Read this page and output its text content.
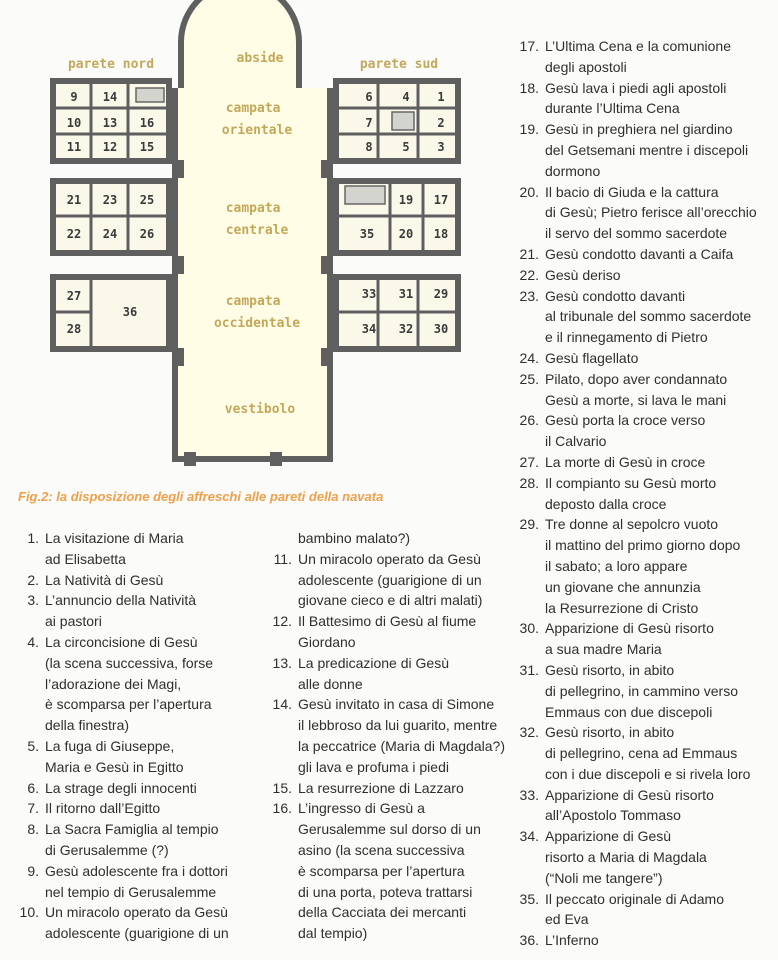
parete nord	parete sud
abside
campata orientale
campata centrale
campata occidentale
vestibolo
9 14
10 13 16
11 12 15
21 23 25
22 24 26
27
36
28
6 4 1
7	2
8 5 3
19 17
35 20 18
33 31 29
34 32 30
Fig.2: la disposizione degli affreschi alle pareti della navata
1. La visitazione di Maria
ad Elisabetta
2. La Natività di Gesù
3. L’annuncio della Natività
ai pastori
4. La circoncisione di Gesù
(la scena successiva, forse
l’adorazione dei Magi,
è scomparsa per l’apertura
della finestra)
5. La fuga di Giuseppe,
Maria e Gesù in Egitto
6. La strage degli innocenti
7. Il ritorno dall’Egitto
8. La Sacra Famiglia al tempio
di Gerusalemme (?)
9. Gesù adolescente fra i dottori
nel tempio di Gerusalemme
10. Un miracolo operato da Gesù
adolescente (guarigione di un
bambino malato?)
11. Un miracolo operato da Gesù
adolescente (guarigione di un
giovane cieco e di altri malati)
12. Il Battesimo di Gesù al fiume
Giordano
13. La predicazione di Gesù
alle donne
14. Gesù invitato in casa di Simone
il lebbroso da lui guarito, mentre
la peccatrice (Maria di Magdala?)
gli lava e profuma i piedi
15. La resurrezione di Lazzaro
16. L’ingresso di Gesù a
Gerusalemme sul dorso di un
asino (la scena successiva
è scomparsa per l’apertura
di una porta, poteva trattarsi
della Cacciata dei mercanti
dal tempio)
17. L’Ultima Cena e la comunione
degli apostoli
18. Gesù lava i piedi agli apostoli
durante l’Ultima Cena
19. Gesù in preghiera nel giardino
del Getsemani mentre i discepoli
dormono
20. Il bacio di Giuda e la cattura
di Gesù; Pietro ferisce all’orecchio
il servo del sommo sacerdote
21. Gesù condotto davanti a Caifa
22. Gesù deriso
23. Gesù condotto davanti
al tribunale del sommo sacerdote
e il rinnegamento di Pietro
24. Gesù flagellato
25. Pilato, dopo aver condannato
Gesù a morte, si lava le mani
26. Gesù porta la croce verso
il Calvario
27. La morte di Gesù in croce
28. Il compianto su Gesù morto
deposto dalla croce
29. Tre donne al sepolcro vuoto
il mattino del primo giorno dopo
il sabato; a loro appare
un giovane che annunzia
la Resurrezione di Cristo
30. Apparizione di Gesù risorto
a sua madre Maria
31. Gesù risorto, in abito
di pellegrino, in cammino verso
Emmaus con due discepoli
32. Gesù risorto, in abito
di pellegrino, cena ad Emmaus
con i due discepoli e si rivela loro
33. Apparizione di Gesù risorto
all’Apostolo Tommaso
34. Apparizione di Gesù
risorto a Maria di Magdala
(“Noli me tangere”)
35. Il peccato originale di Adamo
ed Eva
36. L’Inferno
